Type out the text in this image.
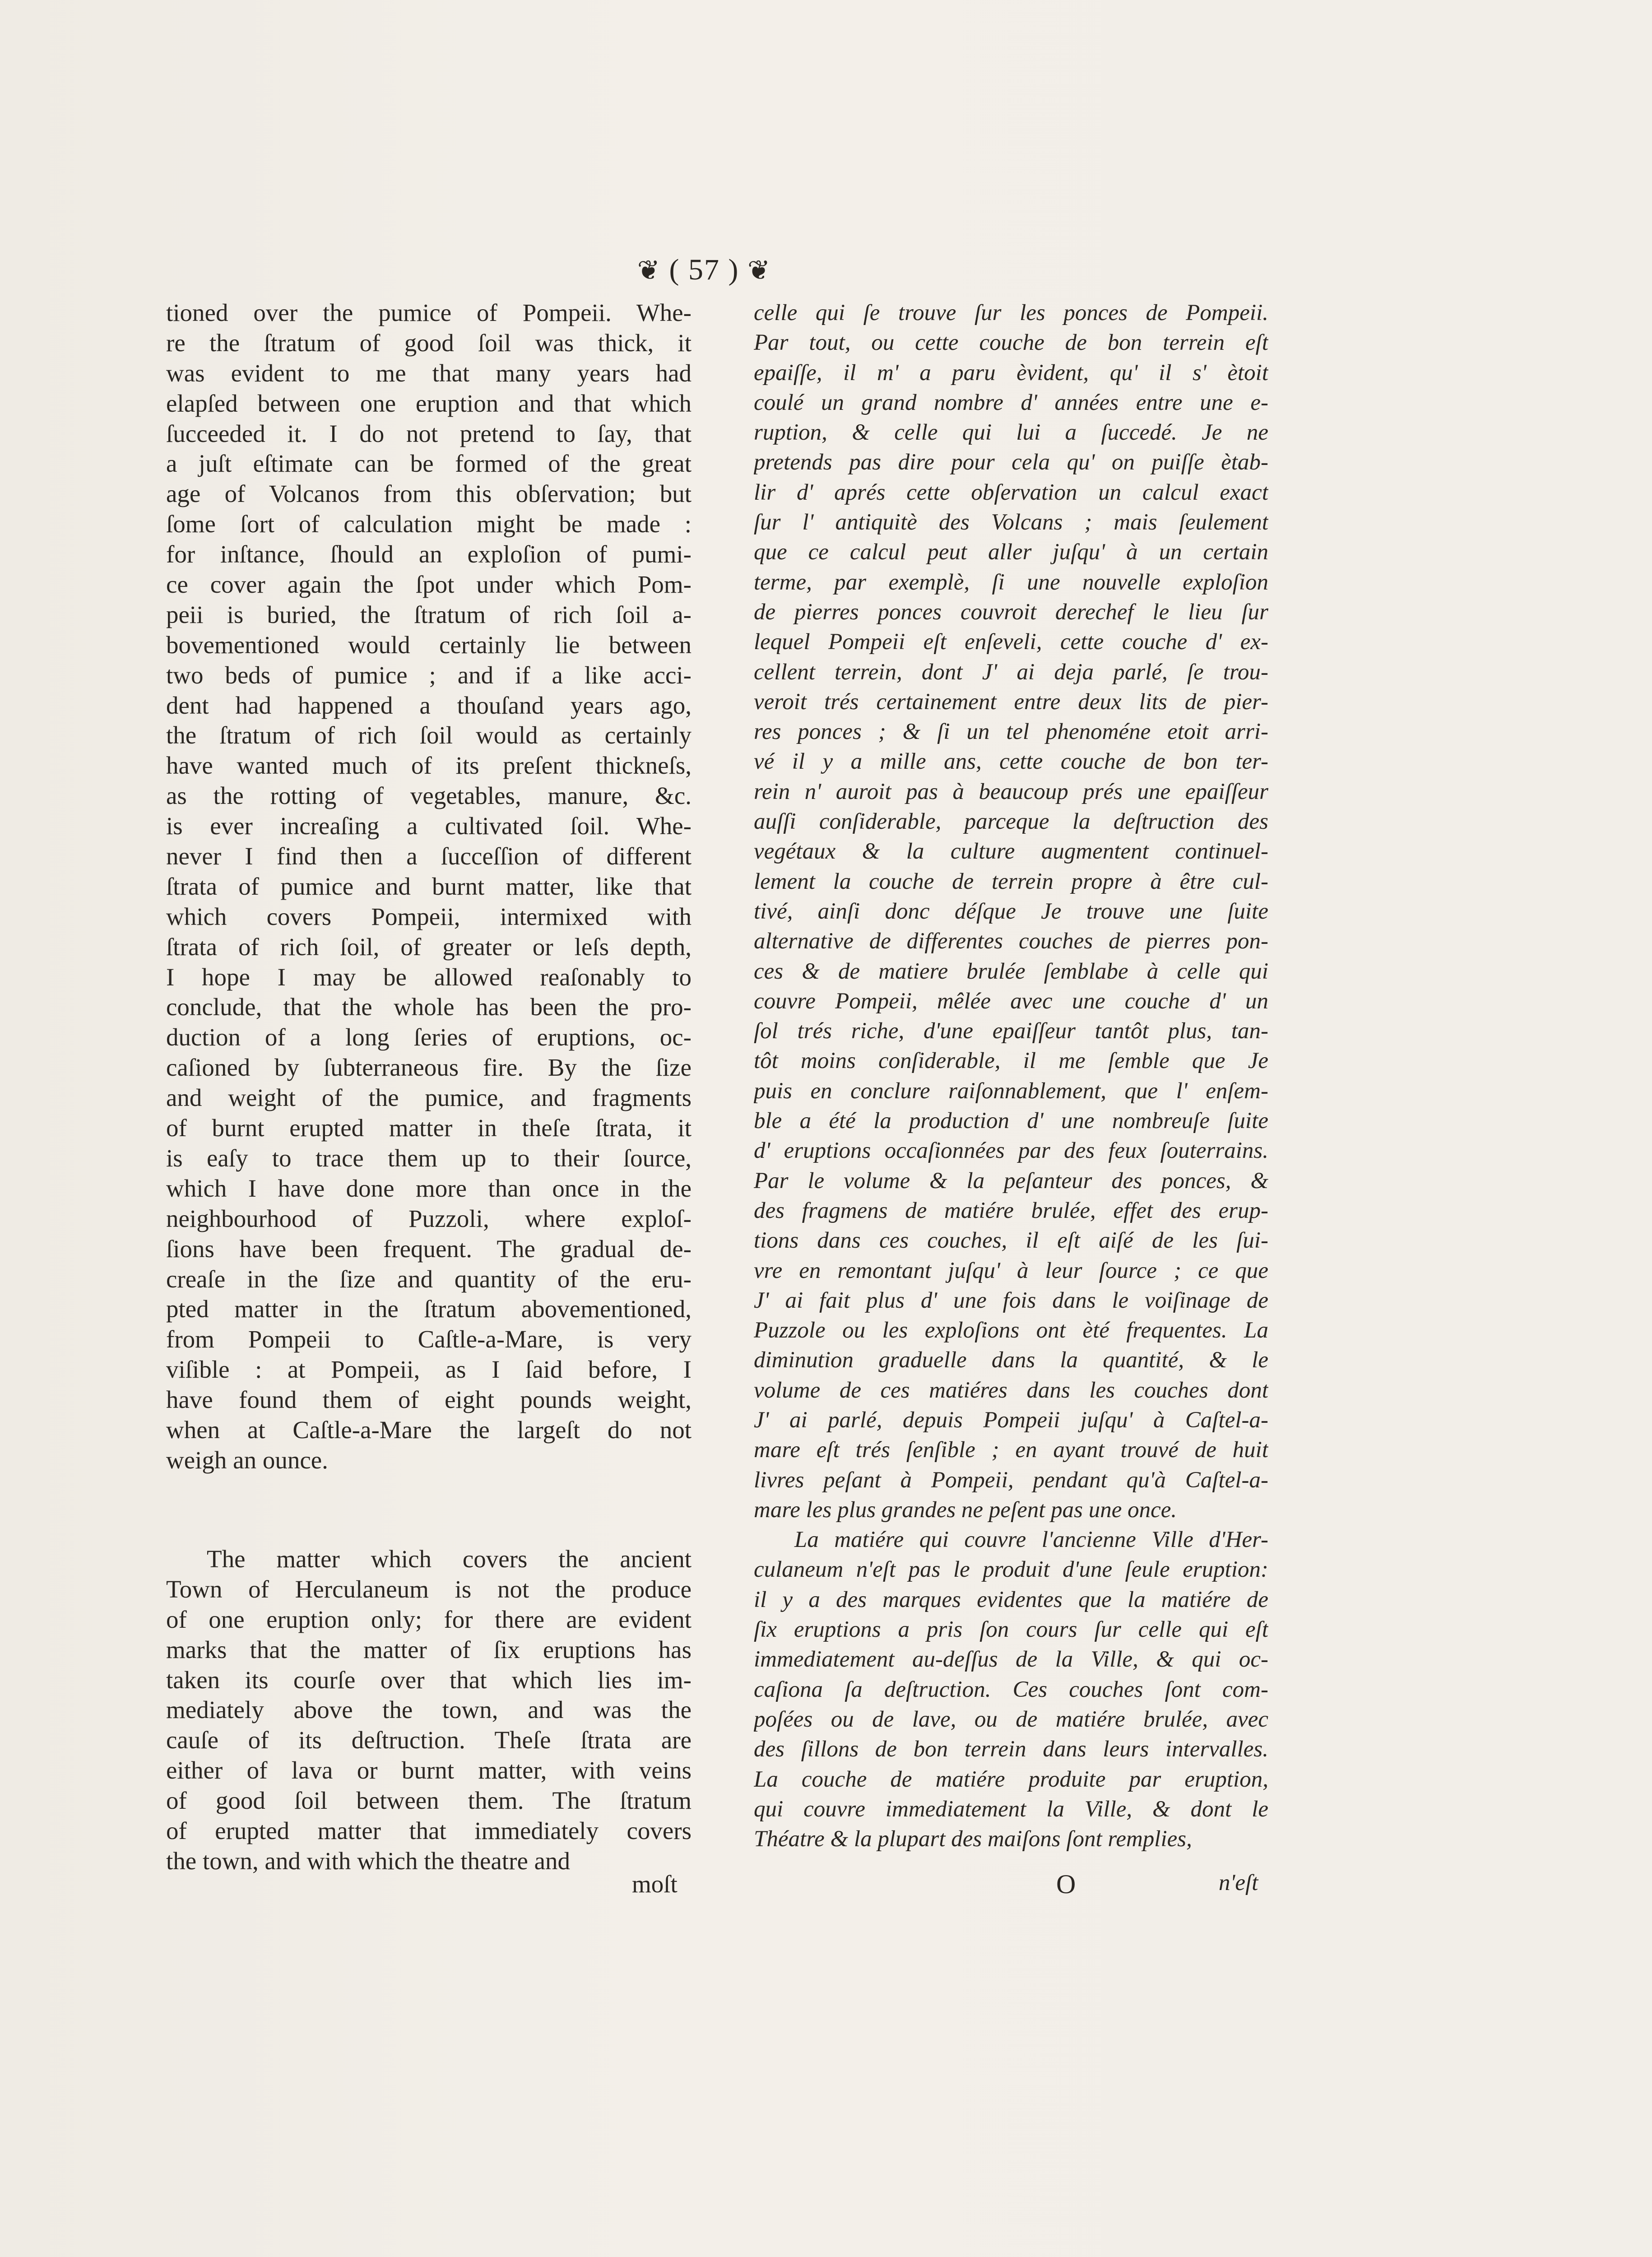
❦ ( 57 ) ❦

tioned over the pumice of Pompeii. Whe-
re the ſtratum of good ſoil was thick, it
was evident to me that many years had
elapſed between one eruption and that which
ſucceeded it. I do not pretend to ſay, that
a juſt eſtimate can be formed of the great
age of Volcanos from this obſervation; but
ſome ſort of calculation might be made :
for inſtance, ſhould an exploſion of pumi-
ce cover again the ſpot under which Pom-
peii is buried, the ſtratum of rich ſoil a-
bovementioned would certainly lie between
two beds of pumice ; and if a like acci-
dent had happened a thouſand years ago,
the ſtratum of rich ſoil would as certainly
have wanted much of its preſent thickneſs,
as the rotting of vegetables, manure, &c.
is ever increaſing a cultivated ſoil. Whe-
never I find then a ſucceſſion of different
ſtrata of pumice and burnt matter, like that
which covers Pompeii, intermixed with
ſtrata of rich ſoil, of greater or leſs depth,
I hope I may be allowed reaſonably to
conclude, that the whole has been the pro-
duction of a long ſeries of eruptions, oc-
caſioned by ſubterraneous fire. By the ſize
and weight of the pumice, and fragments
of burnt erupted matter in theſe ſtrata, it
is eaſy to trace them up to their ſource,
which I have done more than once in the
neighbourhood of Puzzoli, where exploſ-
ſions have been frequent. The gradual de-
creaſe in the ſize and quantity of the eru-
pted matter in the ſtratum abovementioned,
from Pompeii to Caſtle-a-Mare, is very
viſible : at Pompeii, as I ſaid before, I
have found them of eight pounds weight,
when at Caſtle-a-Mare the largeſt do not
weigh an ounce.

The matter which covers the ancient
Town of Herculaneum is not the produce
of one eruption only; for there are evident
marks that the matter of ſix eruptions has
taken its courſe over that which lies im-
mediately above the town, and was the
cauſe of its deſtruction. Theſe ſtrata are
either of lava or burnt matter, with veins
of good ſoil between them. The ſtratum
of erupted matter that immediately covers
the town, and with which the theatre and

moſt

celle qui ſe trouve ſur les ponces de Pompeii.
Par tout, ou cette couche de bon terrein eſt
epaiſſe, il m' a paru èvident, qu' il s' ètoit
coulé un grand nombre d' années entre une e-
ruption, & celle qui lui a ſuccedé. Je ne
pretends pas dire pour cela qu' on puiſſe ètab-
lir d' aprés cette obſervation un calcul exact
ſur l' antiquitè des Volcans ; mais ſeulement
que ce calcul peut aller juſqu' à un certain
terme, par exemplè, ſi une nouvelle exploſion
de pierres ponces couvroit derechef le lieu ſur
lequel Pompeii eſt enſeveli, cette couche d' ex-
cellent terrein, dont J' ai deja parlé, ſe trou-
veroit trés certainement entre deux lits de pier-
res ponces ; & ſi un tel phenoméne etoit arri-
vé il y a mille ans, cette couche de bon ter-
rein n' auroit pas à beaucoup prés une epaiſſeur
auſſi conſiderable, parceque la deſtruction des
vegétaux & la culture augmentent continuel-
lement la couche de terrein propre à être cul-
tivé, ainſi donc déſque Je trouve une ſuite
alternative de differentes couches de pierres pon-
ces & de matiere brulée ſemblabe à celle qui
couvre Pompeii, mêlée avec une couche d' un
ſol trés riche, d'une epaiſſeur tantôt plus, tan-
tôt moins conſiderable, il me ſemble que Je
puis en conclure raiſonnablement, que l' enſem-
ble a été la production d' une nombreuſe ſuite
d' eruptions occaſionnées par des feux ſouterrains.
Par le volume & la peſanteur des ponces, &
des fragmens de matiére brulée, effet des erup-
tions dans ces couches, il eſt aiſé de les ſui-
vre en remontant juſqu' à leur ſource ; ce que
J' ai fait plus d' une fois dans le voiſinage de
Puzzole ou les exploſions ont èté frequentes. La
diminution graduelle dans la quantité, & le
volume de ces matiéres dans les couches dont
J' ai parlé, depuis Pompeii juſqu' à Caſtel-a-
mare eſt trés ſenſible ; en ayant trouvé de huit
livres peſant à Pompeii, pendant qu'à Caſtel-a-
mare les plus grandes ne peſent pas une once.
La matiére qui couvre l'ancienne Ville d'Her-
culaneum n'eſt pas le produit d'une ſeule eruption:
il y a des marques evidentes que la matiére de
ſix eruptions a pris ſon cours ſur celle qui eſt
immediatement au-deſſus de la Ville, & qui oc-
caſiona ſa deſtruction. Ces couches ſont com-
poſées ou de lave, ou de matiére brulée, avec
des ſillons de bon terrein dans leurs intervalles.
La couche de matiére produite par eruption,
qui couvre immediatement la Ville, & dont le
Théatre & la plupart des maiſons ſont remplies,

O	n'eſt
